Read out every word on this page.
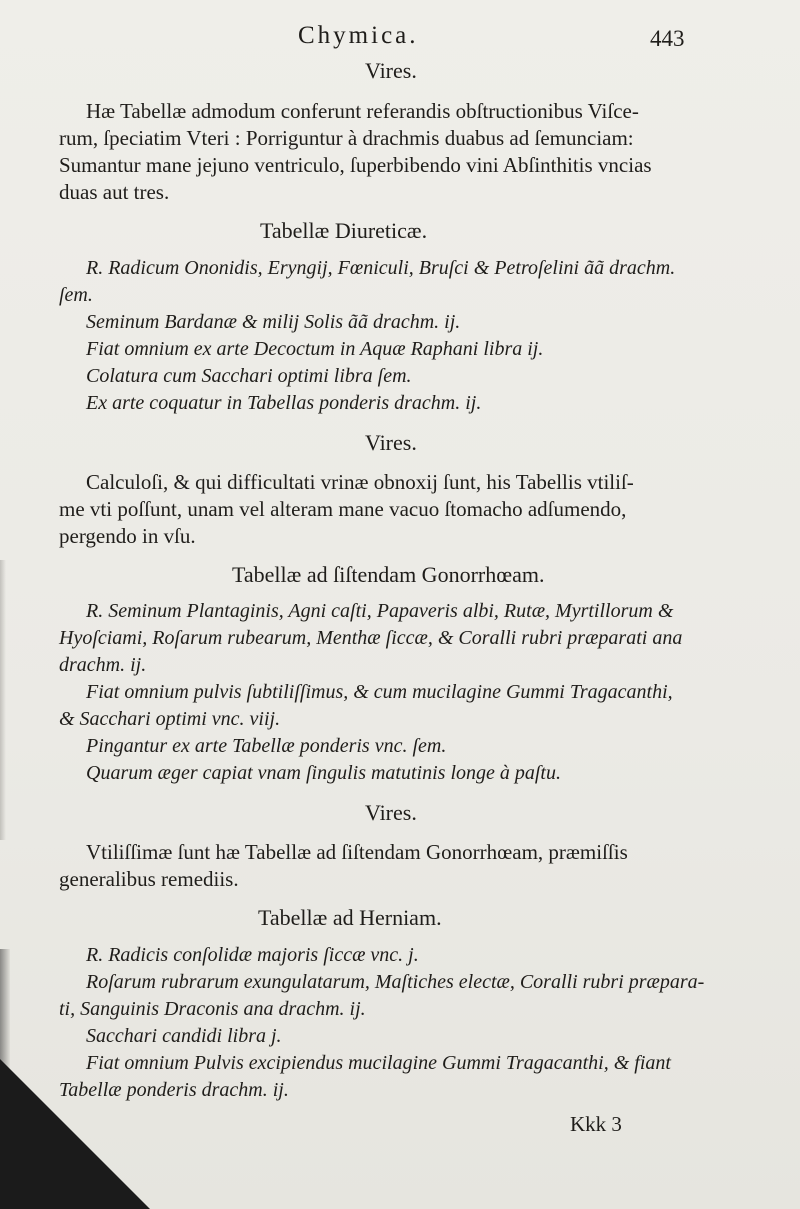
Chymica.	443
Vires.
Hæ Tabellæ admodum conferunt referandis obſtructionibus Viſce-
rum, ſpeciatim Vteri : Porriguntur à drachmis duabus ad ſemunciam:
Sumantur mane jejuno ventriculo, ſuperbibendo vini Abſinthitis vncias
duas aut tres.
Tabellæ Diureticæ.
R. Radicum Ononidis, Eryngij, Fœniculi, Bruſci & Petroſelini ãã drachm.
ſem.
Seminum Bardanæ & milij Solis ãã drachm. ij.
Fiat omnium ex arte Decoctum in Aquæ Raphani libra ij.
Colatura cum Sacchari optimi libra ſem.
Ex arte coquatur in Tabellas ponderis drachm. ij.
Vires.
Calculoſi, & qui difficultati vrinæ obnoxij ſunt, his Tabellis vtiliſ-
me vti poſſunt, unam vel alteram mane vacuo ſtomacho adſumendo,
pergendo in vſu.
Tabellæ ad ſiſtendam Gonorrhœam.
R. Seminum Plantaginis, Agni caſti, Papaveris albi, Rutæ, Myrtillorum &
Hyoſciami, Roſarum rubearum, Menthæ ſiccæ, & Coralli rubri præparati ana
drachm. ij.
Fiat omnium pulvis ſubtiliſſimus, & cum mucilagine Gummi Tragacanthi,
& Sacchari optimi vnc. viij.
Pingantur ex arte Tabellæ ponderis vnc. ſem.
Quarum æger capiat vnam ſingulis matutinis longe à paſtu.
Vires.
Vtiliſſimæ ſunt hæ Tabellæ ad ſiſtendam Gonorrhœam, præmiſſis
generalibus remediis.
Tabellæ ad Herniam.
R. Radicis conſolidæ majoris ſiccæ vnc. j.
Roſarum rubrarum exungulatarum, Maſtiches electæ, Coralli rubri præpara-
ti, Sanguinis Draconis ana drachm. ij.
Sacchari candidi libra j.
Fiat omnium Pulvis excipiendus mucilagine Gummi Tragacanthi, & fiant
Tabellæ ponderis drachm. ij.
Kkk 3
